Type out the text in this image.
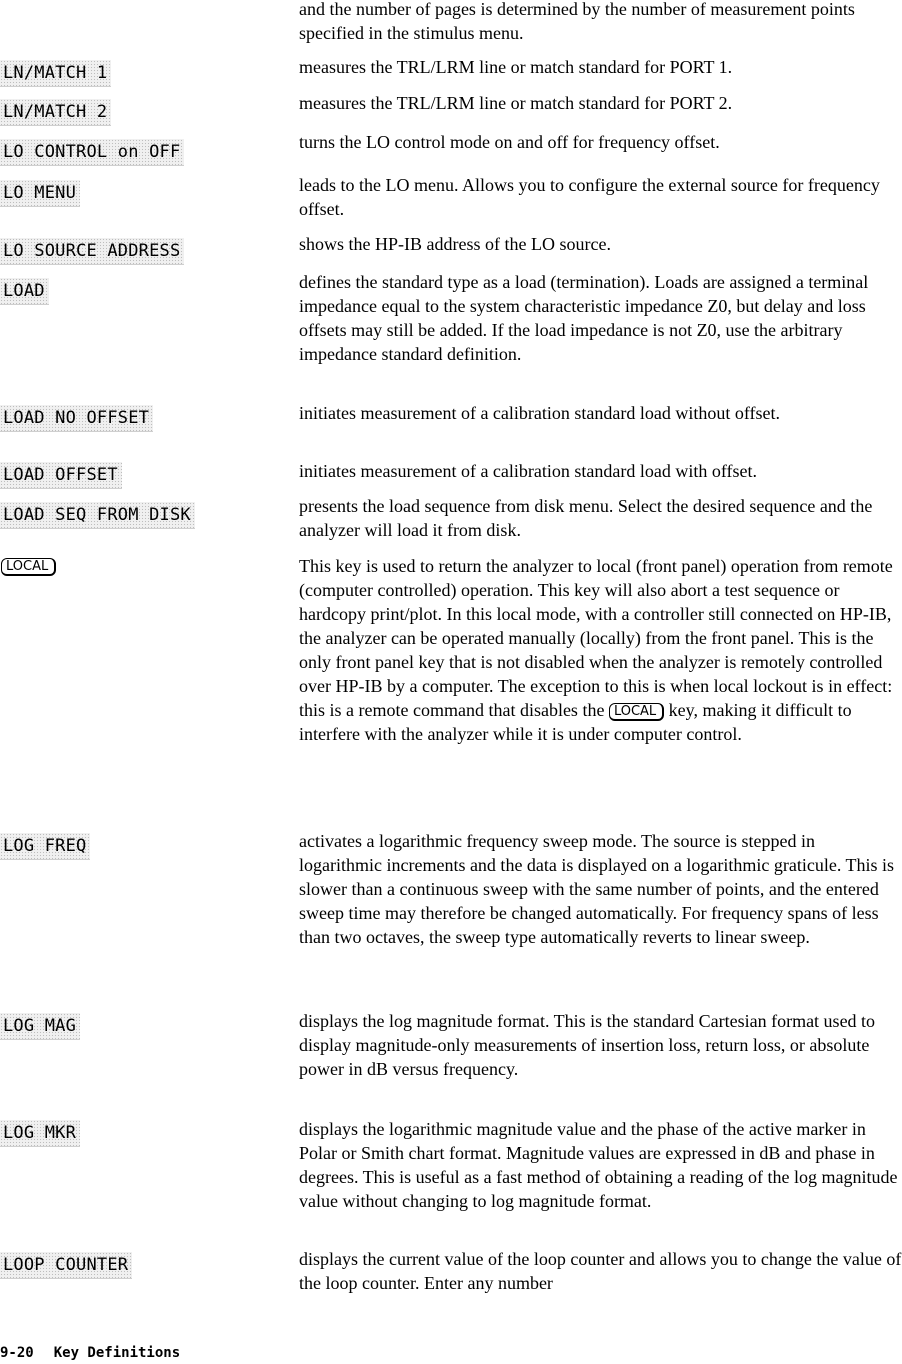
and the number of pages is determined by the number of measurement points specified in the stimulus menu.
LN/MATCH 1	measures the TRL/LRM line or match standard for PORT 1.
LN/MATCH 2	measures the TRL/LRM line or match standard for PORT 2.
LO CONTROL on OFF	turns the LO control mode on and off for frequency offset.
LO MENU	leads to the LO menu. Allows you to configure the external source for frequency offset.
LO SOURCE ADDRESS	shows the HP-IB address of the LO source.
LOAD	defines the standard type as a load (termination). Loads are assigned a terminal impedance equal to the system characteristic impedance Z0, but delay and loss offsets may still be added. If the load impedance is not Z0, use the arbitrary impedance standard definition.
LOAD NO OFFSET	initiates measurement of a calibration standard load without offset.
LOAD OFFSET	initiates measurement of a calibration standard load with offset.
LOAD SEQ FROM DISK	presents the load sequence from disk menu. Select the desired sequence and the analyzer will load it from disk.
LOCAL	This key is used to return the analyzer to local (front panel) operation from remote (computer controlled) operation. This key will also abort a test sequence or hardcopy print/plot. In this local mode, with a controller still connected on HP-IB, the analyzer can be operated manually (locally) from the front panel. This is the only front panel key that is not disabled when the analyzer is remotely controlled over HP-IB by a computer. The exception to this is when local lockout is in effect: this is a remote command that disables the LOCAL key, making it difficult to interfere with the analyzer while it is under computer control.
LOG FREQ	activates a logarithmic frequency sweep mode. The source is stepped in logarithmic increments and the data is displayed on a logarithmic graticule. This is slower than a continuous sweep with the same number of points, and the entered sweep time may therefore be changed automatically. For frequency spans of less than two octaves, the sweep type automatically reverts to linear sweep.
LOG MAG	displays the log magnitude format. This is the standard Cartesian format used to display magnitude-only measurements of insertion loss, return loss, or absolute power in dB versus frequency.
LOG MKR	displays the logarithmic magnitude value and the phase of the active marker in Polar or Smith chart format. Magnitude values are expressed in dB and phase in degrees. This is useful as a fast method of obtaining a reading of the log magnitude value without changing to log magnitude format.
LOOP COUNTER	displays the current value of the loop counter and allows you to change the value of the loop counter. Enter any number
9-20 Key Definitions
